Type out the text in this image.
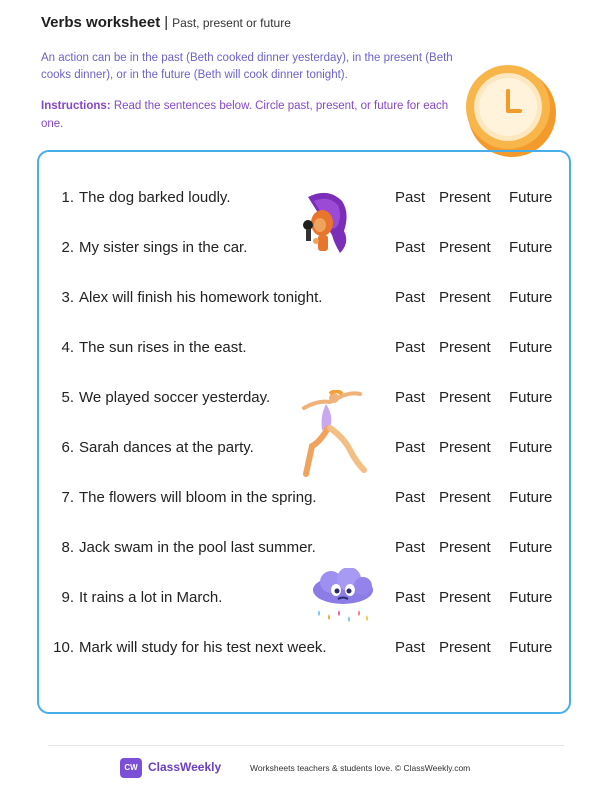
Verbs worksheet | Past, present or future

An action can be in the past (Beth cooked dinner yesterday), in the present (Beth cooks dinner), or in the future (Beth will cook dinner tonight).

Instructions: Read the sentences below. Circle past, present, or future for each one.

1. The dog barked loudly.	Past Present Future
2. My sister sings in the car.	Past Present Future
3. Alex will finish his homework tonight.	Past Present Future
4. The sun rises in the east.	Past Present Future
5. We played soccer yesterday.	Past Present Future
6. Sarah dances at the party.	Past Present Future
7. The flowers will bloom in the spring.	Past Present Future
8. Jack swam in the pool last summer.	Past Present Future
9. It rains a lot in March.	Past Present Future
10. Mark will study for his test next week.	Past Present Future
CW ClassWeekly	Worksheets teachers & students love. © ClassWeekly.com
